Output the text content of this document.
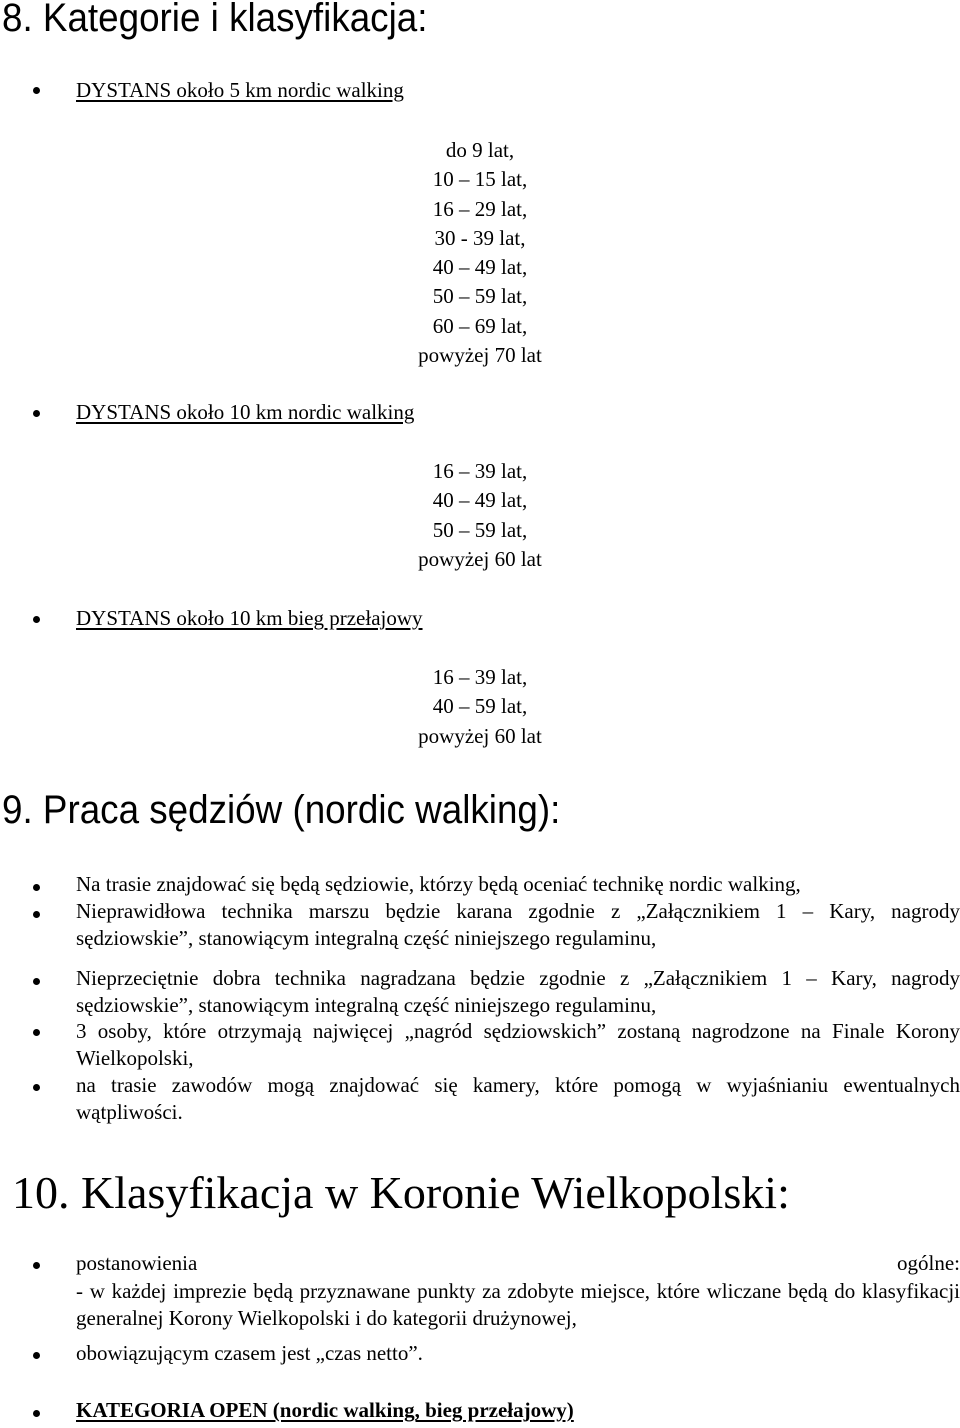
8. Kategorie i klasyfikacja:
DYSTANS około 5 km nordic walking
do 9 lat,
10 – 15 lat,
16 – 29 lat,
30 - 39 lat,
40 – 49 lat,
50 – 59 lat,
60 – 69 lat,
powyżej 70 lat
DYSTANS około 10 km nordic walking
16 – 39 lat,
40 – 49 lat,
50 – 59 lat,
powyżej 60 lat
DYSTANS około 10 km bieg przełajowy
16 – 39 lat,
40 – 59 lat,
powyżej 60 lat
9. Praca sędziów (nordic walking):
Na trasie znajdować się będą sędziowie, którzy będą oceniać technikę nordic walking,
Nieprawidłowa technika marszu będzie karana zgodnie z „Załącznikiem 1 – Kary, nagrody sędziowskie”, stanowiącym integralną część niniejszego regulaminu,
Nieprzeciętnie dobra technika nagradzana będzie zgodnie z „Załącznikiem 1 – Kary, nagrody sędziowskie”, stanowiącym integralną część niniejszego regulaminu,
3 osoby, które otrzymają najwięcej „nagród sędziowskich” zostaną nagrodzone na Finale Korony Wielkopolski,
na trasie zawodów mogą znajdować się kamery, które pomogą w wyjaśnianiu ewentualnych wątpliwości.
10. Klasyfikacja w Koronie Wielkopolski:
postanowienia ogólne:
- w każdej imprezie będą przyznawane punkty za zdobyte miejsce, które wliczane będą do klasyfikacji generalnej Korony Wielkopolski i do kategorii drużynowej,
obowiązującym czasem jest „czas netto”.
KATEGORIA OPEN (nordic walking, bieg przełajowy)
